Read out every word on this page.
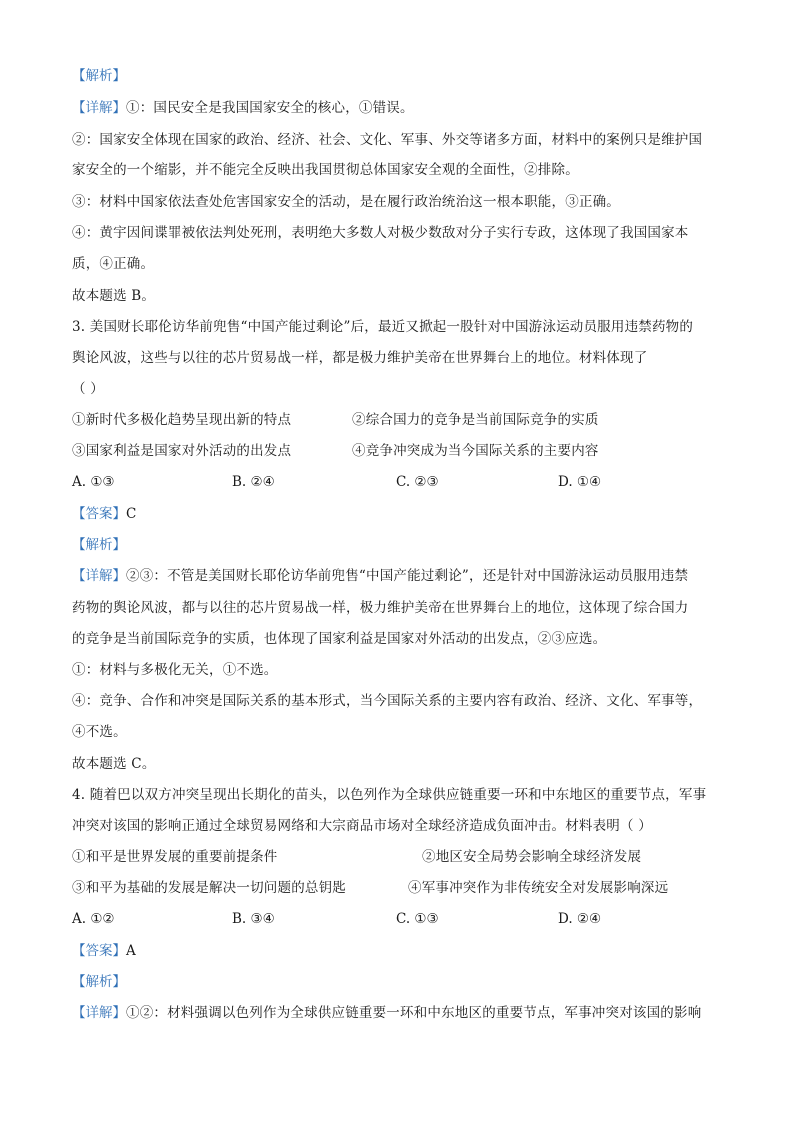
【解析】
【详解】①：国民安全是我国国家安全的核心，①错误。
②：国家安全体现在国家的政治、经济、社会、文化、军事、外交等诸多方面，材料中的案例只是维护国
家安全的一个缩影，并不能完全反映出我国贯彻总体国家安全观的全面性，②排除。
③：材料中国家依法查处危害国家安全的活动，是在履行政治统治这一根本职能，③正确。
④：黄宇因间谍罪被依法判处死刑，表明绝大多数人对极少数敌对分子实行专政，这体现了我国国家本
质，④正确。
故本题选 B。
3. 美国财长耶伦访华前兜售“中国产能过剩论”后，最近又掀起一股针对中国游泳运动员服用违禁药物的
舆论风波，这些与以往的芯片贸易战一样，都是极力维护美帝在世界舞台上的地位。材料体现了
（ ）
①新时代多极化趋势呈现出新的特点	②综合国力的竞争是当前国际竞争的实质
③国家利益是国家对外活动的出发点	④竞争冲突成为当今国际关系的主要内容
A. ①③	B. ②④	C. ②③	D. ①④
【答案】C
【解析】
【详解】②③：不管是美国财长耶伦访华前兜售“中国产能过剩论”，还是针对中国游泳运动员服用违禁
药物的舆论风波，都与以往的芯片贸易战一样，极力维护美帝在世界舞台上的地位，这体现了综合国力
的竞争是当前国际竞争的实质，也体现了国家利益是国家对外活动的出发点，②③应选。
①：材料与多极化无关，①不选。
④：竞争、合作和冲突是国际关系的基本形式，当今国际关系的主要内容有政治、经济、文化、军事等，
④不选。
故本题选 C。
4. 随着巴以双方冲突呈现出长期化的苗头，以色列作为全球供应链重要一环和中东地区的重要节点，军事
冲突对该国的影响正通过全球贸易网络和大宗商品市场对全球经济造成负面冲击。材料表明（ ）
①和平是世界发展的重要前提条件	②地区安全局势会影响全球经济发展
③和平为基础的发展是解决一切问题的总钥匙	④军事冲突作为非传统安全对发展影响深远
A. ①②	B. ③④	C. ①③	D. ②④
【答案】A
【解析】
【详解】①②：材料强调以色列作为全球供应链重要一环和中东地区的重要节点，军事冲突对该国的影响
